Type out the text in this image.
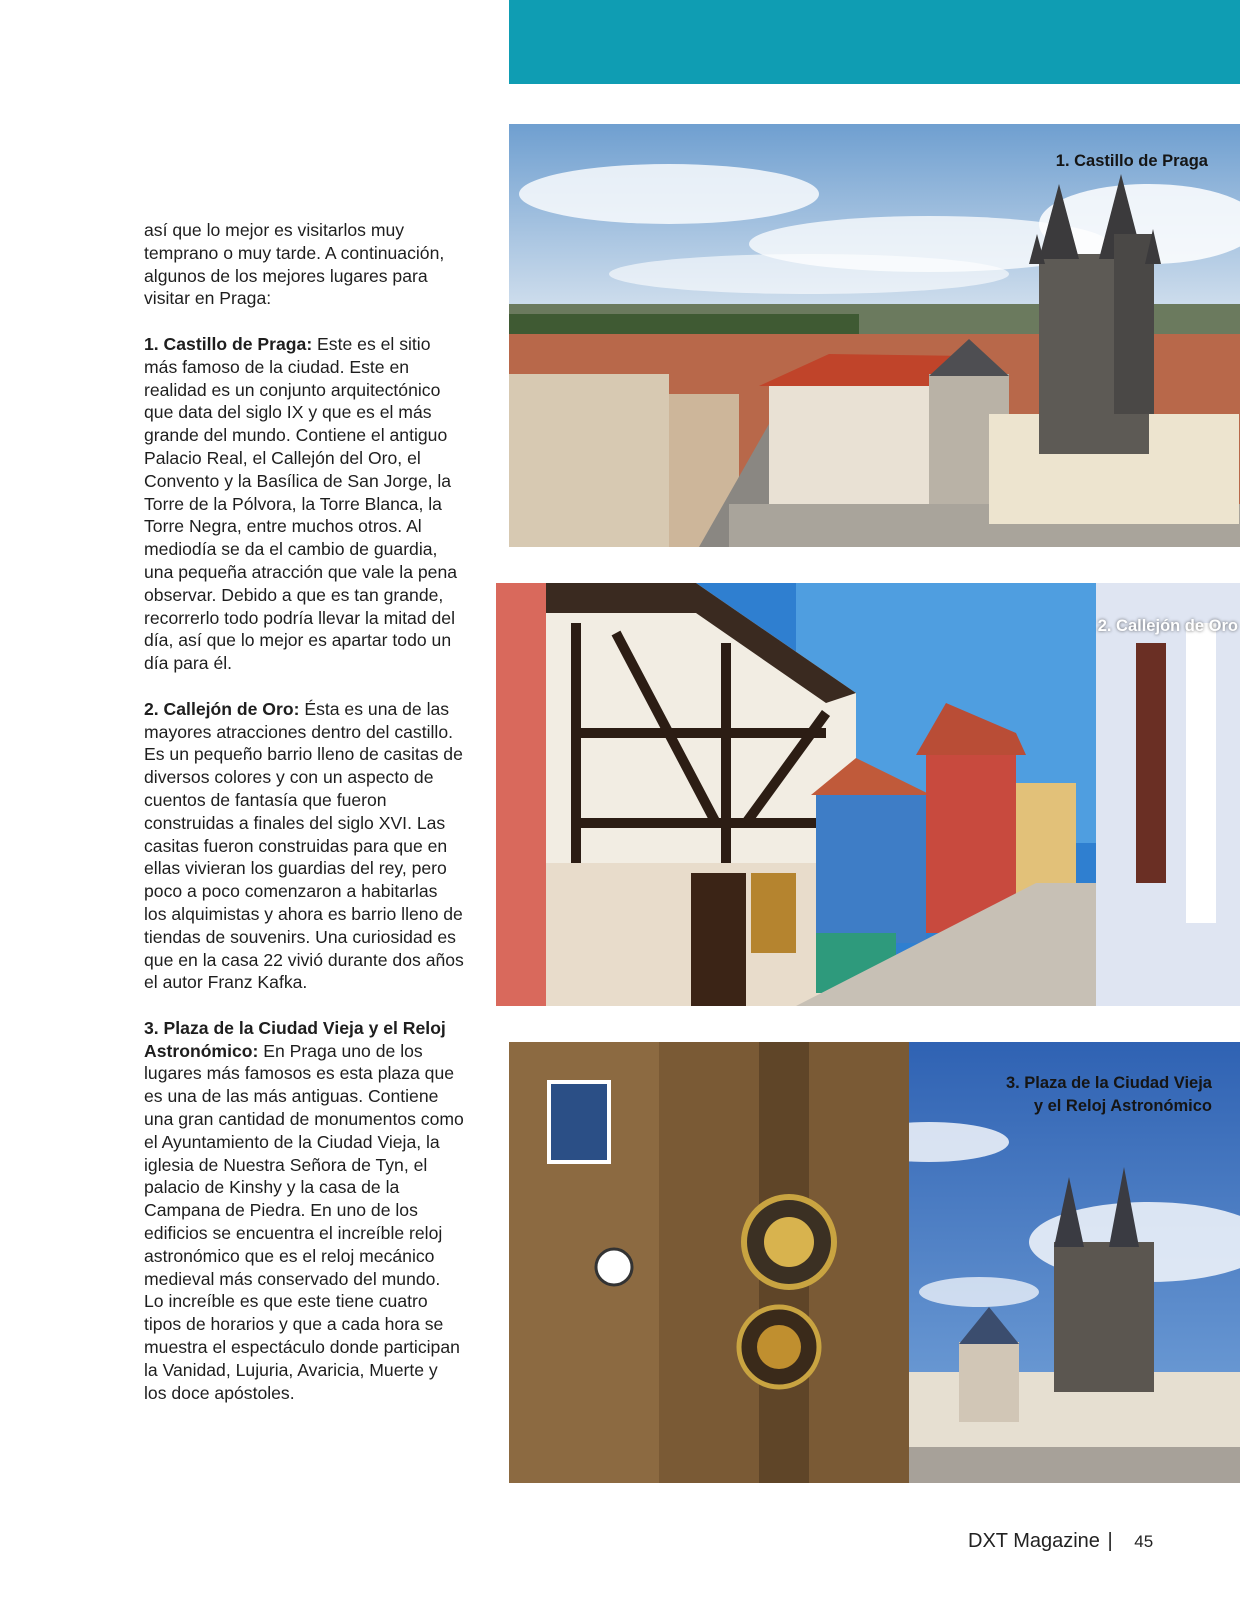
así que lo mejor es visitarlos muy temprano o muy tarde. A continuación, algunos de los mejores lugares para visitar en Praga:

1. Castillo de Praga: Este es el sitio más famoso de la ciudad. Este en realidad es un conjunto arquitectónico que data del siglo IX y que es el más grande del mundo. Contiene el antiguo Palacio Real, el Callejón del Oro, el Convento y la Basílica de San Jorge, la Torre de la Pólvora, la Torre Blanca, la Torre Negra, entre muchos otros. Al mediodía se da el cambio de guardia, una pequeña atracción que vale la pena observar. Debido a que es tan grande, recorrerlo todo podría llevar la mitad del día, así que lo mejor es apartar todo un día para él.

2. Callejón de Oro: Ésta es una de las mayores atracciones dentro del castillo. Es un pequeño barrio lleno de casitas de diversos colores y con un aspecto de cuentos de fantasía que fueron construidas a finales del siglo XVI. Las casitas fueron construidas para que en ellas vivieran los guardias del rey, pero poco a poco comenzaron a habitarlas los alquimistas y ahora es barrio lleno de tiendas de souvenirs. Una curiosidad es que en la casa 22 vivió durante dos años el autor Franz Kafka.

3. Plaza de la Ciudad Vieja y el Reloj Astronómico: En Praga uno de los lugares más famosos es esta plaza que es una de las más antiguas. Contiene una gran cantidad de monumentos como el Ayuntamiento de la Ciudad Vieja, la iglesia de Nuestra Señora de Tyn, el palacio de Kinshy y la casa de la Campana de Piedra. En uno de los edificios se encuentra el increíble reloj astronómico que es el reloj mecánico medieval más conservado del mundo. Lo increíble es que este tiene cuatro tipos de horarios y que a cada hora se muestra el espectáculo donde participan la Vanidad, Lujuria, Avaricia, Muerte y los doce apóstoles.

1. Castillo de Praga
2. Callejón de Oro
3. Plaza de la Ciudad Vieja
y el Reloj Astronómico
DXT Magazine | 45
